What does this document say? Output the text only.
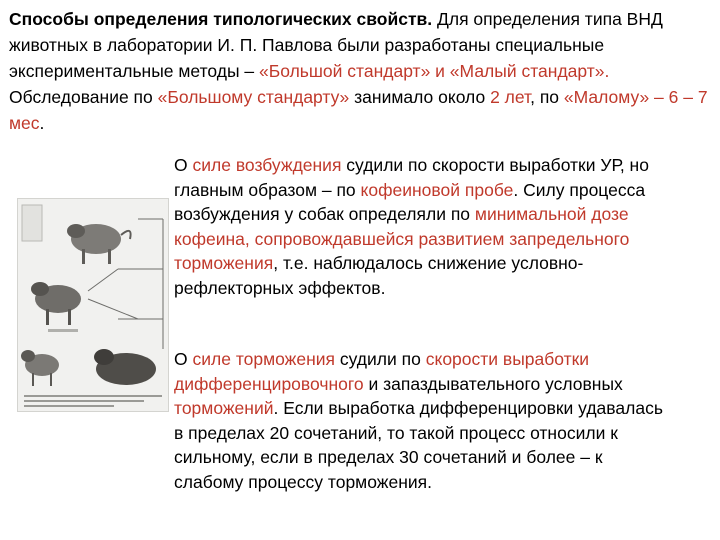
Способы определения типологических свойств. Для определения типа ВНД животных в лаборатории И. П. Павлова были разработаны специальные экспериментальные методы – «Большой стандарт» и «Малый стандарт». Обследование по «Большому стандарту» занимало около 2 лет, по «Малому» – 6 – 7 мес.
О силе возбуждения судили по скорости выработки УР, но главным образом – по кофеиновой пробе. Силу процесса возбуждения у собак определяли по минимальной дозе кофеина, сопровождавшейся развитием запредельного торможения, т.е. наблюдалось снижение условно-рефлекторных эффектов.
О силе торможения судили по скорости выработки дифференцировочного и запаздывательного условных торможений. Если выработка дифференцировки удавалась в пределах 20 сочетаний, то такой процесс относили к сильному, если в пределах 30 сочетаний и более – к слабому процессу торможения.
